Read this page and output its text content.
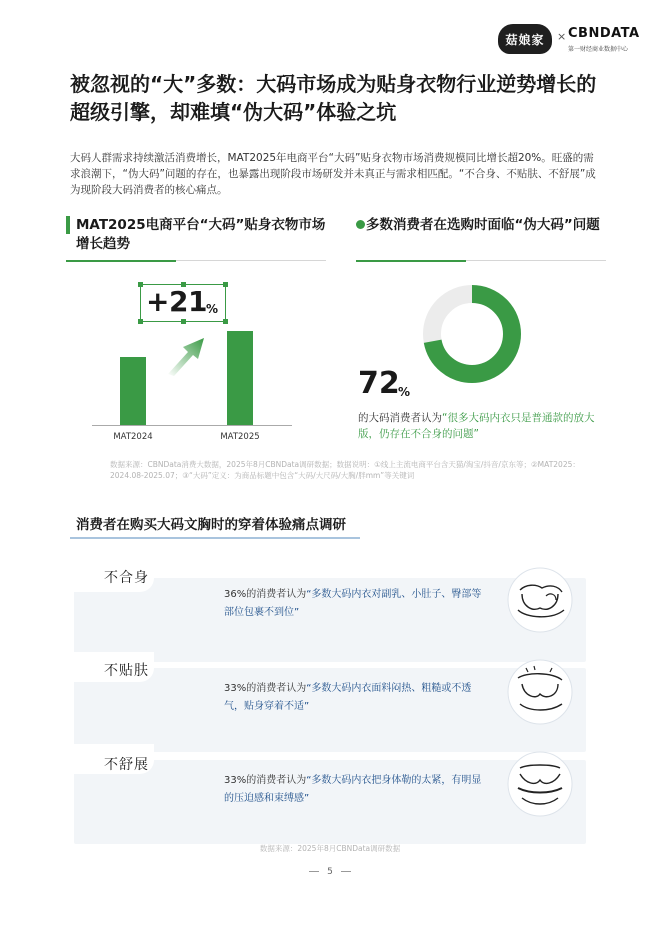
菇娘家	× CBNDATA
第一财经商业数据中心
被忽视的“大”多数：大码市场成为贴身衣物行业逆势增长的超级引擎，却难填“伪大码”体验之坑
大码人群需求持续激活消费增长，MAT2025年电商平台“大码”贴身衣物市场消费规模同比增长超20%。旺盛的需求浪潮下，“伪大码”问题的存在，也暴露出现阶段市场研发并未真正与需求相匹配。“不合身、不贴肤、不舒展”成为现阶段大码消费者的核心痛点。
MAT2025电商平台“大码”贴身衣物市场增长趋势
MAT2024	MAT2025
+21 %
多数消费者在选购时面临“伪大码”问题
72
%
的大码消费者认为“很多大码内衣只是普通款的放大版，仍存在不合身的问题”
数据来源：CBNData消费大数据，2025年8月CBNData调研数据；数据说明：①线上主流电商平台含天猫/淘宝/抖音/京东等；②MAT2025：2024.08-2025.07；③“大码”定义：为商品标题中包含“大码/大尺码/大胸/胖mm”等关键词
消费者在购买大码文胸时的穿着体验痛点调研
不合身
36%的消费者认为“多数大码内衣对副乳、小肚子、臀部等部位包裹不到位”
不贴肤
33%的消费者认为“多数大码内衣面料闷热、粗糙或不透气，贴身穿着不适”
不舒展
33%的消费者认为“多数大码内衣把身体勒的太紧，有明显的压迫感和束缚感”
数据来源：2025年8月CBNData调研数据
5
